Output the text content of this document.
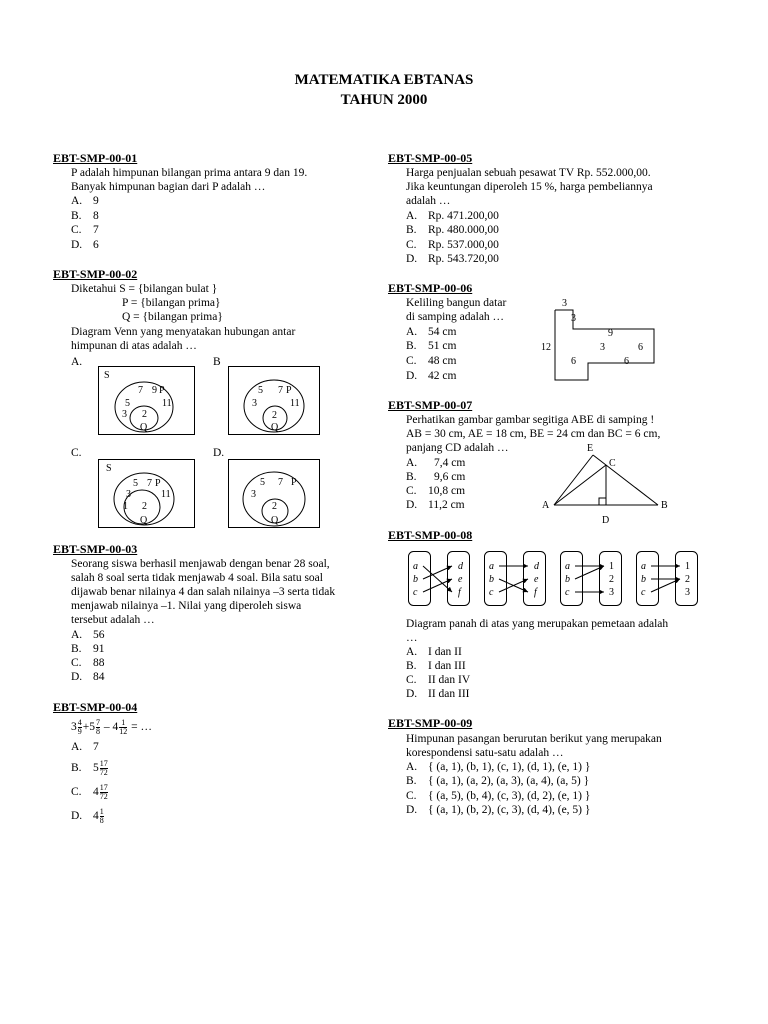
MATEMATIKA EBTANAS
TAHUN 2000
EBT-SMP-00-01
P adalah himpunan bilangan prima antara 9 dan 19.
Banyak himpunan bagian dari P adalah …
A. 9
B. 8
C. 7
D. 6
EBT-SMP-00-02
Diketahui S = {bilangan bulat }
P = {bilangan prima}
Q = {bilangan prima}
Diagram Venn yang menyatakan hubungan antar
himpunan di atas adalah …
A.	B
C.	D.
S
7 9 P
5	11
3 2
Q
5 7 P
3	11
2
Q
S
5 7 P
3	11
1 2
Q
5 7 P
3
2
Q
EBT-SMP-00-03
Seorang siswa berhasil menjawab dengan benar 28 soal,
salah 8 soal serta tidak menjawab 4 soal. Bila satu soal
dijawab benar nilainya 4 dan salah nilainya –3 serta tidak
menjawab nilainya –1. Nilai yang diperoleh siswa
tersebut adalah …
A. 56
B. 91
C. 88
D. 84
EBT-SMP-00-04
$3 \frac{4}{9} +5 \frac{7}{8} - 4 \frac{1}{12}$ = …
A. 7
B. $5 \frac{17}{72}$
C. $4 \frac{17}{72}$
D. $4 \frac{1}{8}$
EBT-SMP-00-05
Harga penjualan sebuah pesawat TV Rp. 552.000,00.
Jika keuntungan diperoleh 15 %, harga pembeliannya
adalah …
A. Rp. 471.200,00
B. Rp. 480.000,00
C. Rp. 537.000,00
D. Rp. 543.720,00
EBT-SMP-00-06
Keliling bangun datar
di samping adalah …
A. 54 cm
B. 51 cm
C. 48 cm
D. 42 cm
3
3
9
12	3	6
6	6
EBT-SMP-00-07
Perhatikan gambar gambar segitiga ABE di samping !
AB = 30 cm, AE = 18 cm, BE = 24 cm dan BC = 6 cm,
panjang CD adalah …
A. 7,4 cm
B. 9,6 cm
C. 10,8 cm
D. 11,2 cm
E
C
A	B
D
EBT-SMP-00-08
a
b
c
d
e
f
a
b
c
d
e
f
a
b
c
1
2
3
a
b
c
1
2
3
Diagram panah di atas yang merupakan pemetaan adalah
…
A. I dan II
B. I dan III
C. II dan IV
D. II dan III
EBT-SMP-00-09
Himpunan pasangan berurutan berikut yang merupakan
korespondensi satu-satu adalah …
A. { (a, 1), (b, 1), (c, 1), (d, 1), (e, 1) }
B. { (a, 1), (a, 2), (a, 3), (a, 4), (a, 5) }
C. { (a, 5), (b, 4), (c, 3), (d, 2), (e, 1) }
D. { (a, 1), (b, 2), (c, 3), (d, 4), (e, 5) }
